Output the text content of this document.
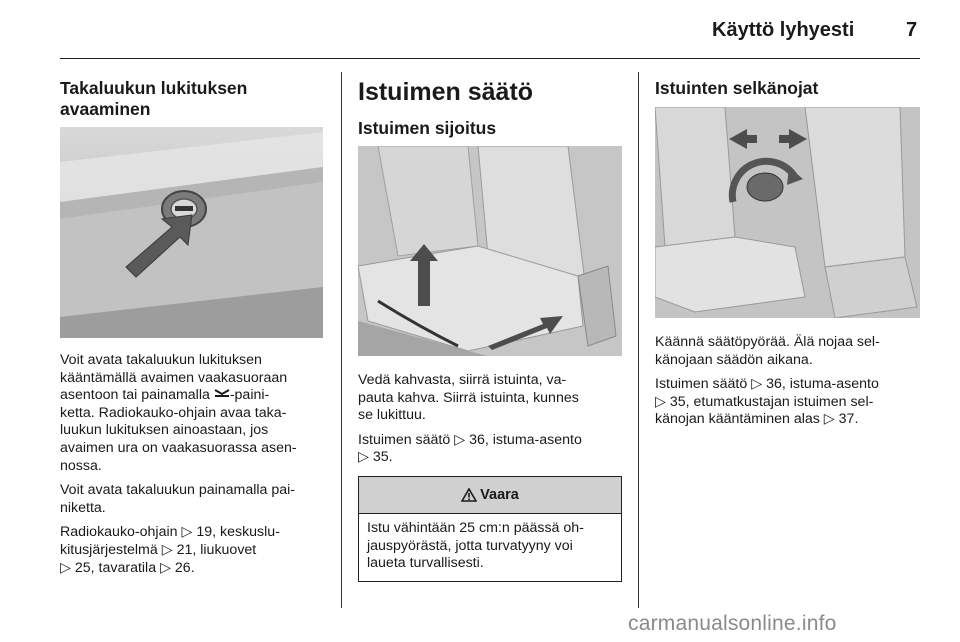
Käyttö lyhyesti	7
Takaluukun lukituksen
avaaminen

Voit avata takaluukun lukituksen
kääntämällä avaimen vaakasuoraan
asentoon tai painamalla -paini-
ketta. Radiokauko-ohjain avaa taka-
luukun lukituksen ainoastaan, jos
avaimen ura on vaakasuorassa asen-
nossa.

Voit avata takaluukun painamalla pai-
niketta.

Radiokauko-ohjain ▷ 19, keskuslu-
kitusjärjestelmä ▷ 21, liukuovet
▷ 25, tavaratila ▷ 26.

Istuimen säätö
Istuimen sijoitus

Vedä kahvasta, siirrä istuinta, va-
pauta kahva. Siirrä istuinta, kunnes
se lukittuu.

Istuimen säätö ▷ 36, istuma-asento
▷ 35.

Vaara
Istu vähintään 25 cm:n päässä oh-
jauspyörästä, jotta turvatyyny voi
laueta turvallisesti.
Istuinten selkänojat

Käännä säätöpyörää. Älä nojaa sel-
känojaan säädön aikana.

Istuimen säätö ▷ 36, istuma-asento
▷ 35, etumatkustajan istuimen sel-
känojan kääntäminen alas ▷ 37.

carmanualsonline.info
